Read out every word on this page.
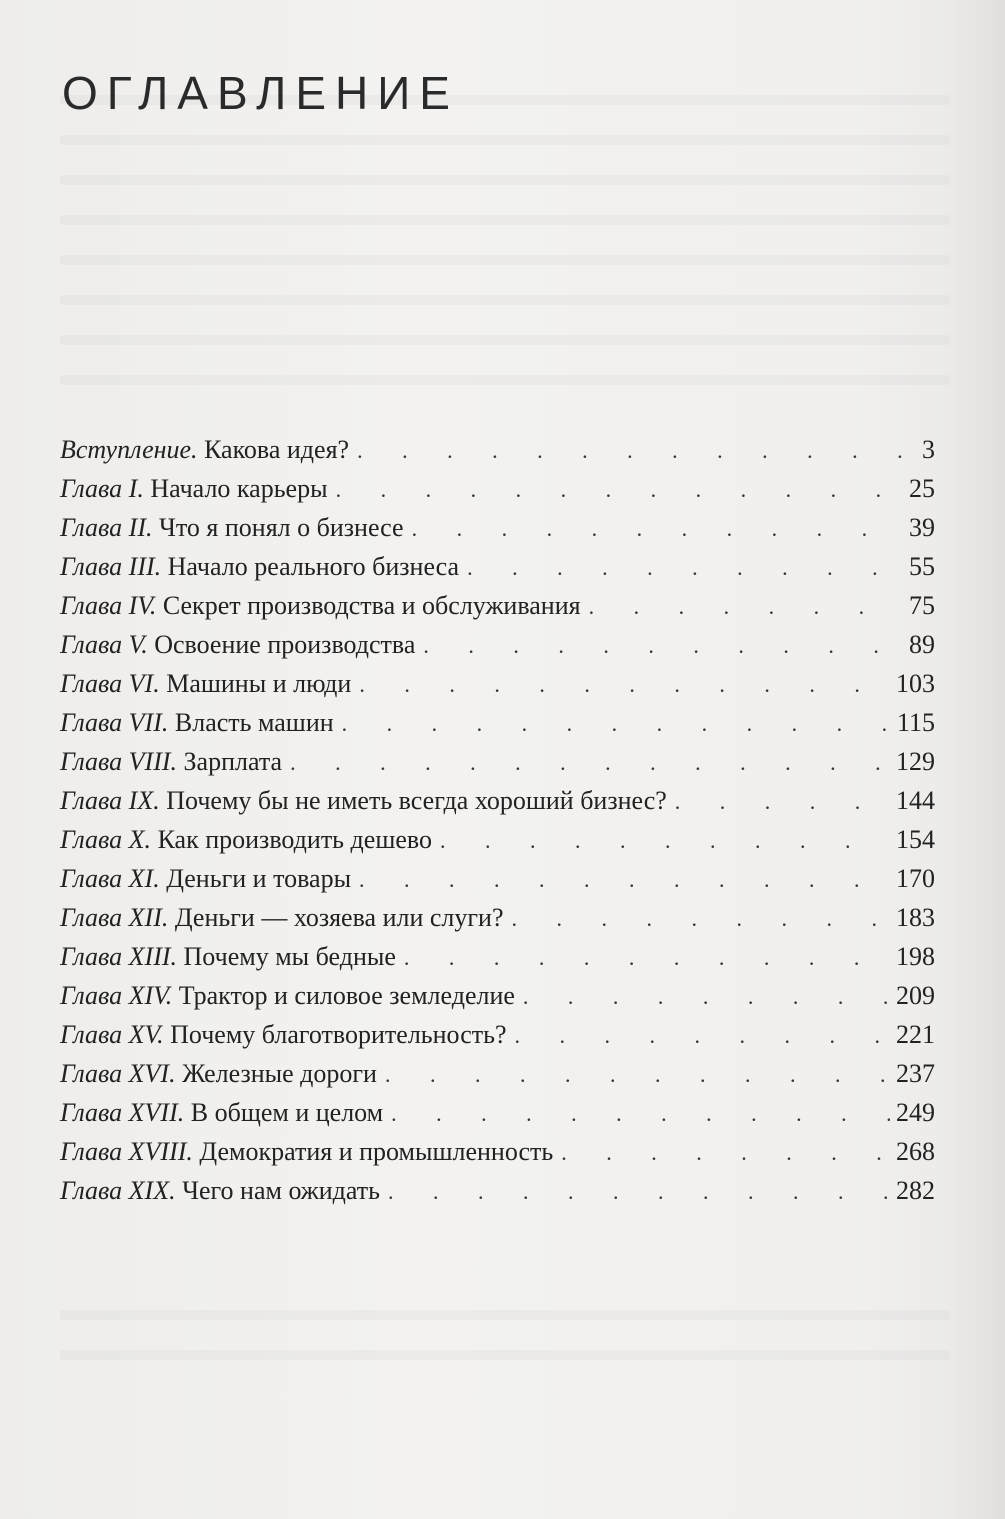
ОГЛАВЛЕНИЕ
Вступление. Какова идея? .	3
Глава I. Начало карьеры .	25
Глава II. Что я понял о бизнесе .	39
Глава III. Начало реального бизнеса .	55
Глава IV. Секрет производства и обслуживания .	75
Глава V. Освоение производства .	89
Глава VI. Машины и люди .	103
Глава VII. Власть машин .	115
Глава VIII. Зарплата .	129
Глава IX. Почему бы не иметь всегда хороший бизнес? .	144
Глава X. Как производить дешево .	154
Глава XI. Деньги и товары .	170
Глава XII. Деньги — хозяева или слуги? .	183
Глава XIII. Почему мы бедные .	198
Глава XIV. Трактор и силовое земледелие .	209
Глава XV. Почему благотворительность? .	221
Глава XVI. Железные дороги .	237
Глава XVII. В общем и целом .	249
Глава XVIII. Демократия и промышленность .	268
Глава XIX. Чего нам ожидать .	282
